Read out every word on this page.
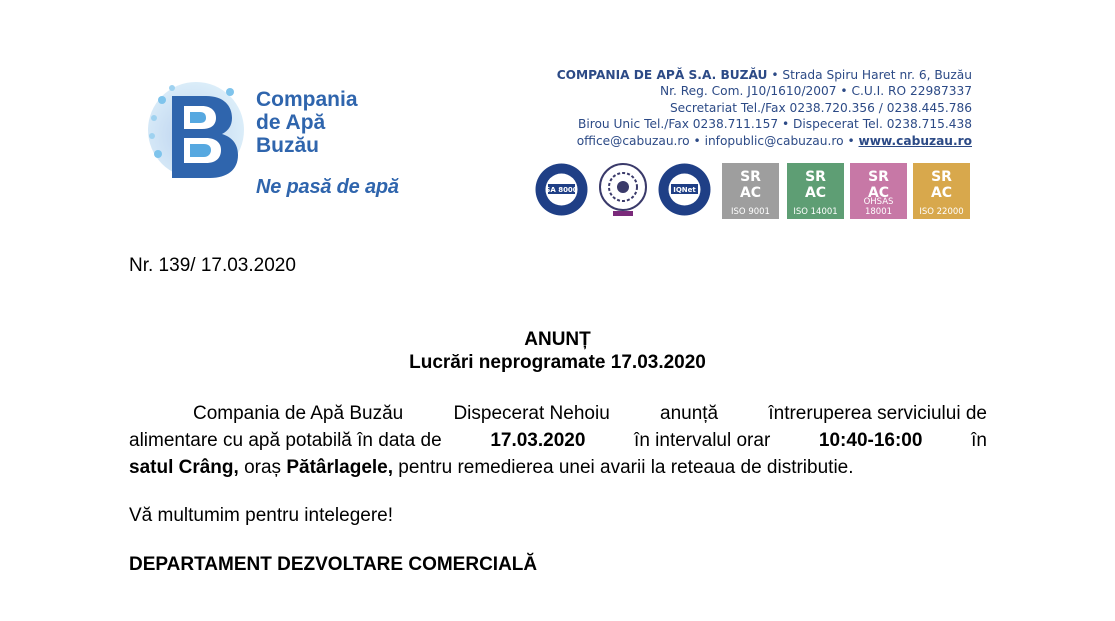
Compania
de Apă
Buzău
Ne pasă de apă
COMPANIA DE APĂ S.A. BUZĂU • Strada Spiru Haret nr. 6, Buzău
Nr. Reg. Com. J10/1610/2007 • C.U.I. RO 22987337
Secretariat Tel./Fax 0238.720.356 / 0238.445.786
Birou Unic Tel./Fax 0238.711.157 • Dispecerat Tel. 0238.715.438
office@cabuzau.ro • infopublic@cabuzau.ro • www.cabuzau.ro
SA 8000	IQNet
SR
AC
ISO 9001
SR
AC
ISO 14001
SR
AC
OHSAS 18001
SR
AC
ISO 22000
Nr. 139/ 17.03.2020
ANUNȚ
Lucrări neprogramate 17.03.2020
Compania de Apă Buzău	Dispecerat Nehoiu	anunță	întreruperea serviciului de
alimentare cu apă potabilă în data de	17.03.2020	în intervalul orar	10:40-16:00	în
satul Crâng,
oraș
Pătârlagele,
pentru remedierea unei avarii la reteaua de distributie.
Vă multumim pentru intelegere!
DEPARTAMENT DEZVOLTARE COMERCIALĂ
